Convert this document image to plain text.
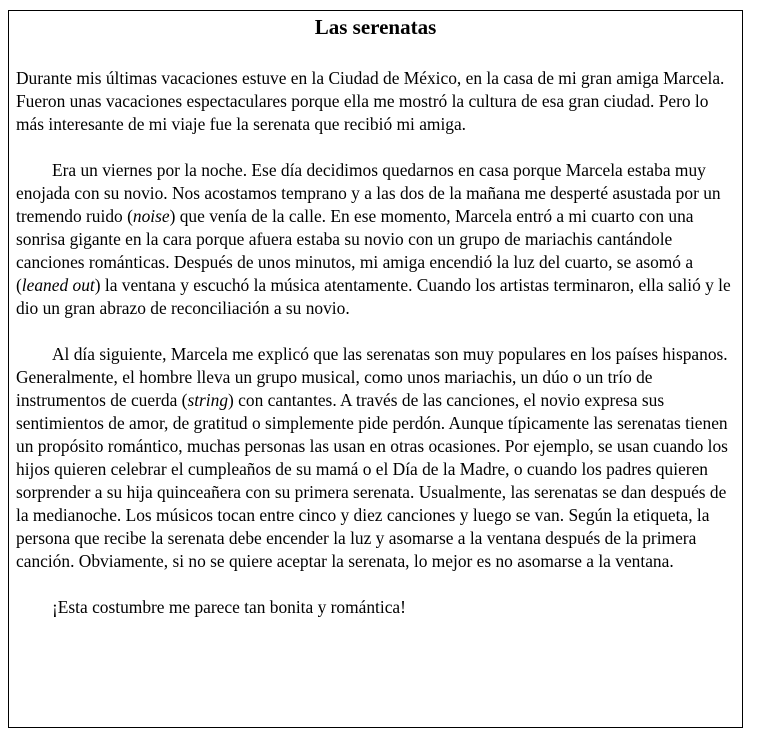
Las serenatas

Durante mis últimas vacaciones estuve en la Ciudad de México, en la casa de mi gran amiga Marcela. Fueron unas vacaciones espectaculares porque ella me mostró la cultura de esa gran ciudad. Pero lo más interesante de mi viaje fue la serenata que recibió mi amiga.

Era un viernes por la noche. Ese día decidimos quedarnos en casa porque Marcela estaba muy enojada con su novio. Nos acostamos temprano y a las dos de la mañana me desperté asustada por un tremendo ruido (noise) que venía de la calle. En ese momento, Marcela entró a mi cuarto con una sonrisa gigante en la cara porque afuera estaba su novio con un grupo de mariachis cantándole canciones románticas. Después de unos minutos, mi amiga encendió la luz del cuarto, se asomó a (leaned out) la ventana y escuchó la música atentamente. Cuando los artistas terminaron, ella salió y le dio un gran abrazo de reconciliación a su novio.

Al día siguiente, Marcela me explicó que las serenatas son muy populares en los países hispanos. Generalmente, el hombre lleva un grupo musical, como unos mariachis, un dúo o un trío de instrumentos de cuerda (string) con cantantes. A través de las canciones, el novio expresa sus sentimientos de amor, de gratitud o simplemente pide perdón. Aunque típicamente las serenatas tienen un propósito romántico, muchas personas las usan en otras ocasiones. Por ejemplo, se usan cuando los hijos quieren celebrar el cumpleaños de su mamá o el Día de la Madre, o cuando los padres quieren sorprender a su hija quinceañera con su primera serenata. Usualmente, las serenatas se dan después de la medianoche. Los músicos tocan entre cinco y diez canciones y luego se van. Según la etiqueta, la persona que recibe la serenata debe encender la luz y asomarse a la ventana después de la primera canción. Obviamente, si no se quiere aceptar la serenata, lo mejor es no asomarse a la ventana.

¡Esta costumbre me parece tan bonita y romántica!
